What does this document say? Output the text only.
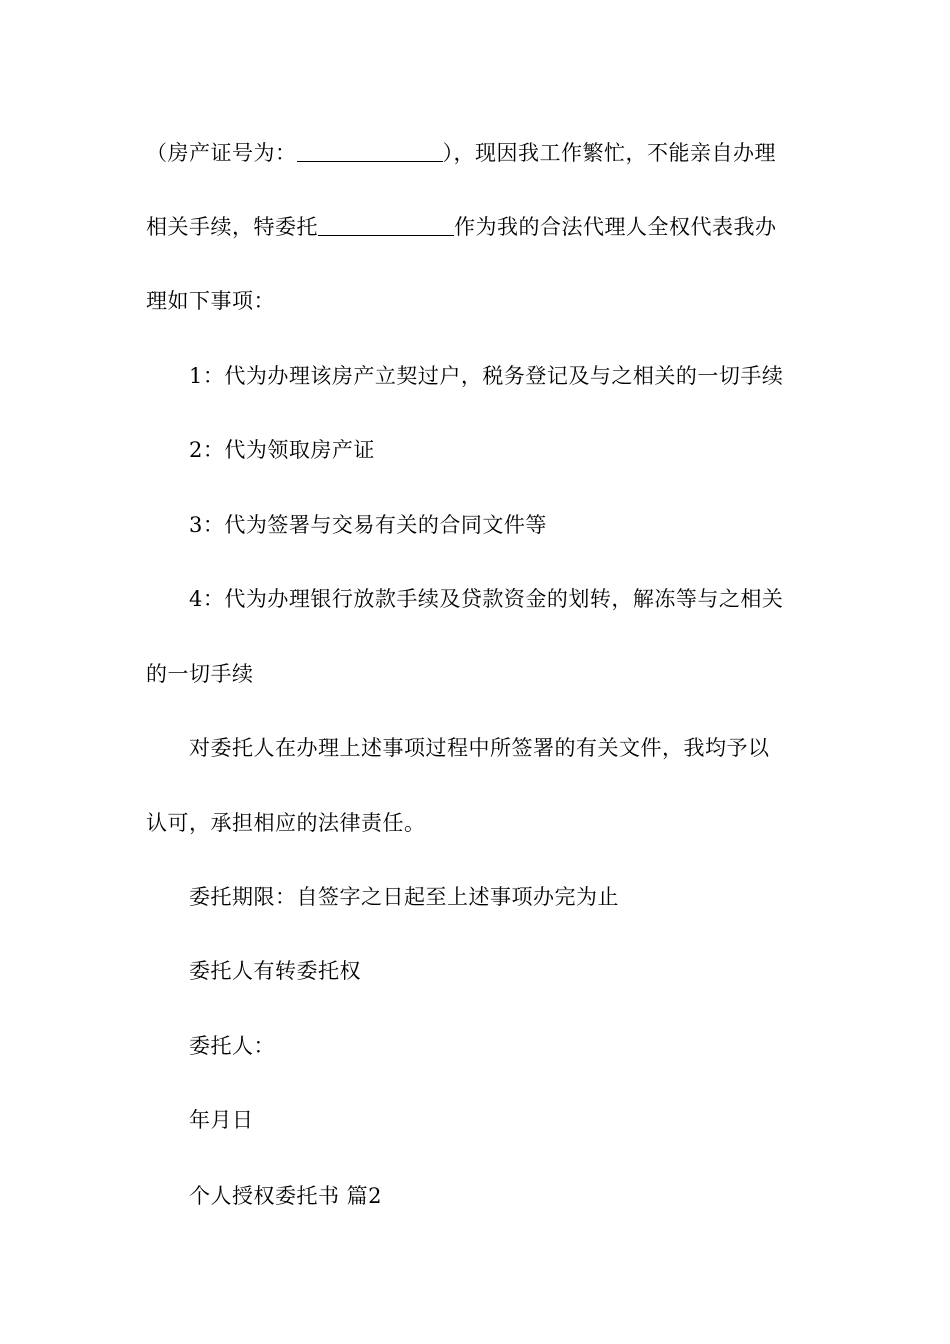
（房产证号为：	），现因我工作繁忙，不能亲自办理
相关手续，特委托	作为我的合法代理人全权代表我办
理如下事项：
1：代为办理该房产立契过户，税务登记及与之相关的一切手续
2：代为领取房产证
3：代为签署与交易有关的合同文件等
4：代为办理银行放款手续及贷款资金的划转，解冻等与之相关
的一切手续
对委托人在办理上述事项过程中所签署的有关文件，我均予以
认可，承担相应的法律责任。
委托期限：自签字之日起至上述事项办完为止
委托人有转委托权
委托人：
年月日
个人授权委托书 篇2
